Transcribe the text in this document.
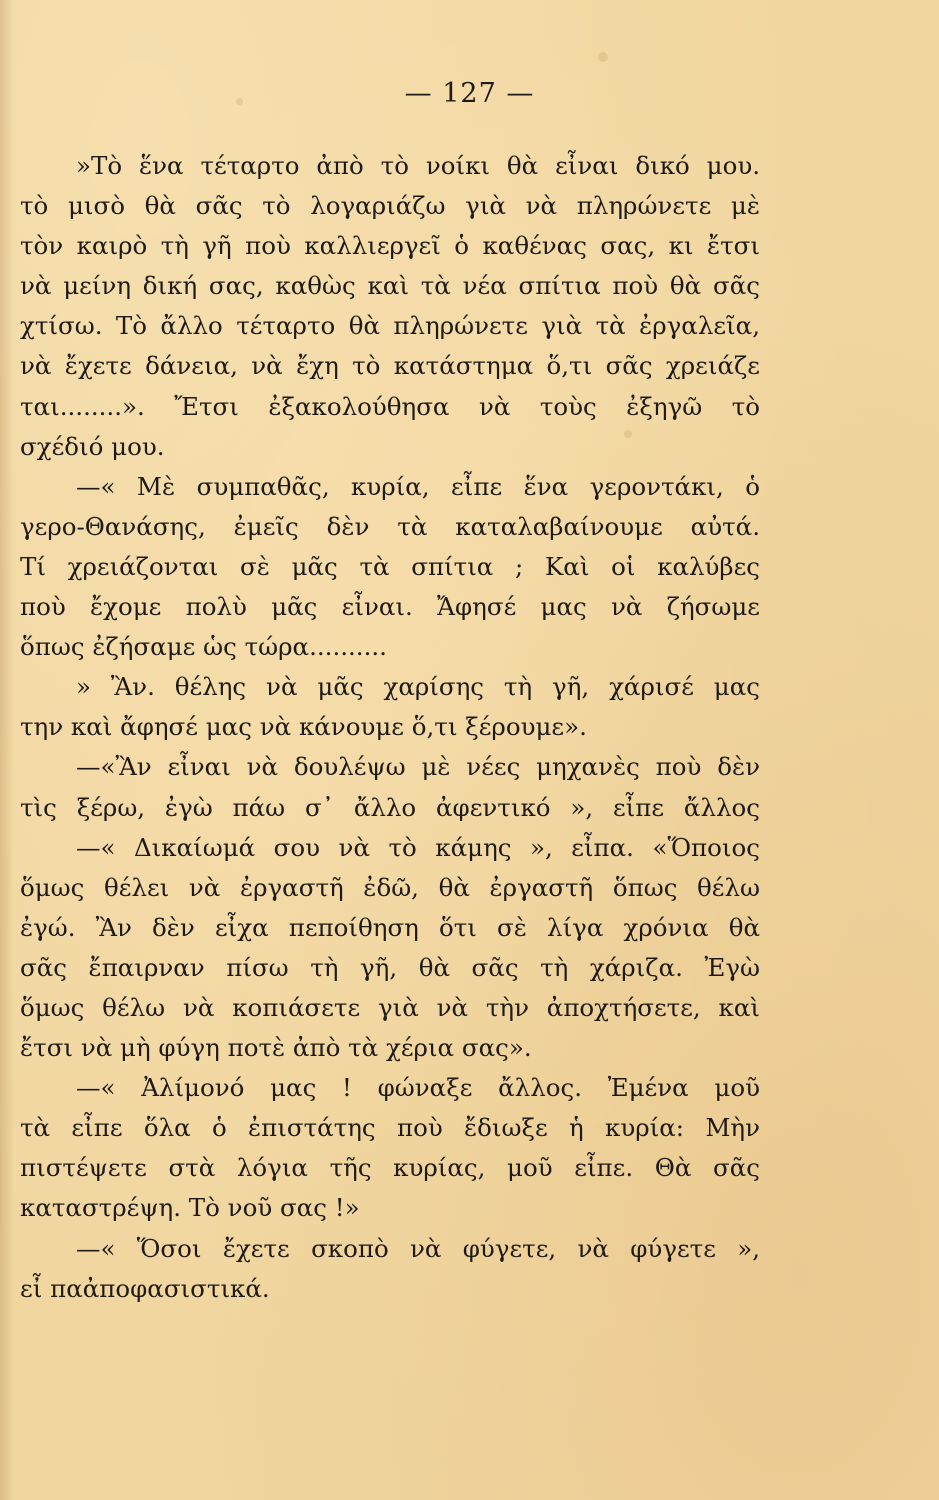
— 127 —
»Τὸ ἕνα τέταρτο ἀπὸ τὸ νοίκι θὰ εἶναι δικό μου.
τὸ μισὸ θὰ σᾶς τὸ λογαριάζω γιὰ νὰ πληρώνετε μὲ
τὸν καιρὸ τὴ γῆ ποὺ καλλιεργεῖ ὁ καθένας σας, κι ἔτσι
νὰ μείνη δική σας, καθὼς καὶ τὰ νέα σπίτια ποὺ θὰ σᾶς
χτίσω. Τὸ ἄλλο τέταρτο θὰ πληρώνετε γιὰ τὰ ἐργαλεῖα,
νὰ ἔχετε δάνεια, νὰ ἔχη τὸ κατάστημα ὅ,τι σᾶς χρειάζε
ται........». Ἔτσι ἐξακολούθησα νὰ τοὺς ἐξηγῶ τὸ
σχέδιό μου.
—« Μὲ συμπαθᾶς, κυρία, εἶπε ἕνα γεροντάκι, ὁ
γερο-Θανάσης, ἐμεῖς δὲν τὰ καταλαβαίνουμε αὐτά.
Τί χρειάζονται σὲ μᾶς τὰ σπίτια ; Καὶ οἱ καλύβες
ποὺ ἔχομε πολὺ μᾶς εἶναι. Ἄφησέ μας νὰ ζήσωμε
ὅπως ἐζήσαμε ὡς τώρα..........
» Ἂν. θέλης νὰ μᾶς χαρίσης τὴ γῆ, χάρισέ μας
την καὶ ἄφησέ μας νὰ κάνουμε ὅ,τι ξέρουμε».
—«Ἂν εἶναι νὰ δουλέψω μὲ νέες μηχανὲς ποὺ δὲν
τὶς ξέρω, ἐγὼ πάω σ᾽ ἄλλο ἀφεντικό », εἶπε ἄλλος
—« Δικαίωμά σου νὰ τὸ κάμης », εἶπα. «Ὅποιος
ὅμως θέλει νὰ ἐργαστῆ ἐδῶ, θὰ ἐργαστῆ ὅπως θέλω
ἐγώ. Ἂν δὲν εἶχα πεποίθηση ὅτι σὲ λίγα χρόνια θὰ
σᾶς ἔπαιρναν πίσω τὴ γῆ, θὰ σᾶς τὴ χάριζα. Ἐγὼ
ὅμως θέλω νὰ κοπιάσετε γιὰ νὰ τὴν ἀποχτήσετε, καὶ
ἔτσι νὰ μὴ φύγη ποτὲ ἀπὸ τὰ χέρια σας».
—« Ἀλίμονό μας ! φώναξε ἄλλος. Ἐμένα μοῦ
τὰ εἶπε ὅλα ὁ ἐπιστάτης ποὺ ἔδιωξε ἡ κυρία: Μὴν
πιστέψετε στὰ λόγια τῆς κυρίας, μοῦ εἶπε. Θὰ σᾶς
καταστρέψη. Τὸ νοῦ σας !»
—« Ὅσοι ἔχετε σκοπὸ νὰ φύγετε, νὰ φύγετε »,
εἶ παἀποφασιστικά.
